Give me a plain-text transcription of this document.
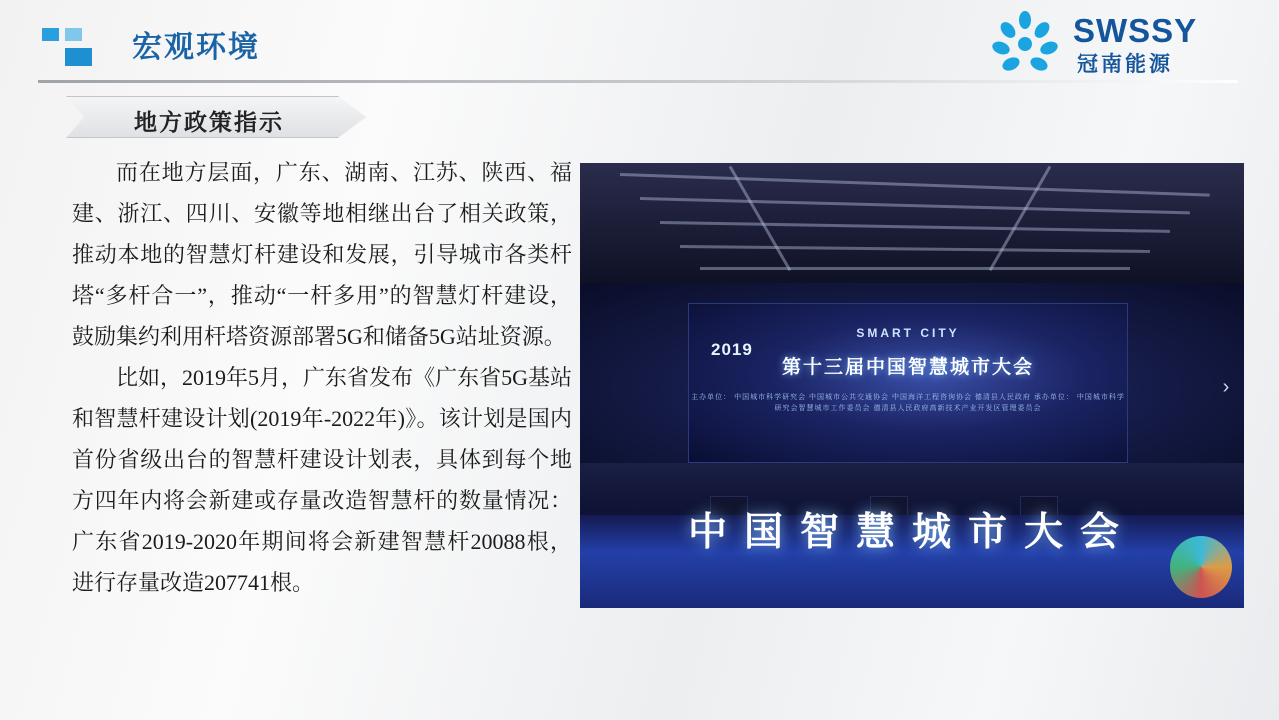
宏观环境	SWSSY
冠南能源
地方政策指示

而在地方层面，广东、湖南、江苏、陕西、福建、浙江、四川、安徽等地相继出台了相关政策，推动本地的智慧灯杆建设和发展，引导城市各类杆塔“多杆合一”，推动“一杆多用”的智慧灯杆建设，鼓励集约利用杆塔资源部署5G和储备5G站址资源。

比如，2019年5月，广东省发布《广东省5G基站和智慧杆建设计划(2019年-2022年)》。该计划是国内首份省级出台的智慧杆建设计划表，具体到每个地方四年内将会新建或存量改造智慧杆的数量情况：广东省2019-2020年期间将会新建智慧杆20088根，进行存量改造207741根。

2019
SMART CITY
第十三届中国智慧城市大会
主办单位： 中国城市科学研究会 中国城市公共交通协会 中国海洋工程咨询协会 德清县人民政府 承办单位： 中国城市科学研究会智慧城市工作委员会 德清县人民政府高新技术产业开发区管理委员会
中国智慧城市大会
›
